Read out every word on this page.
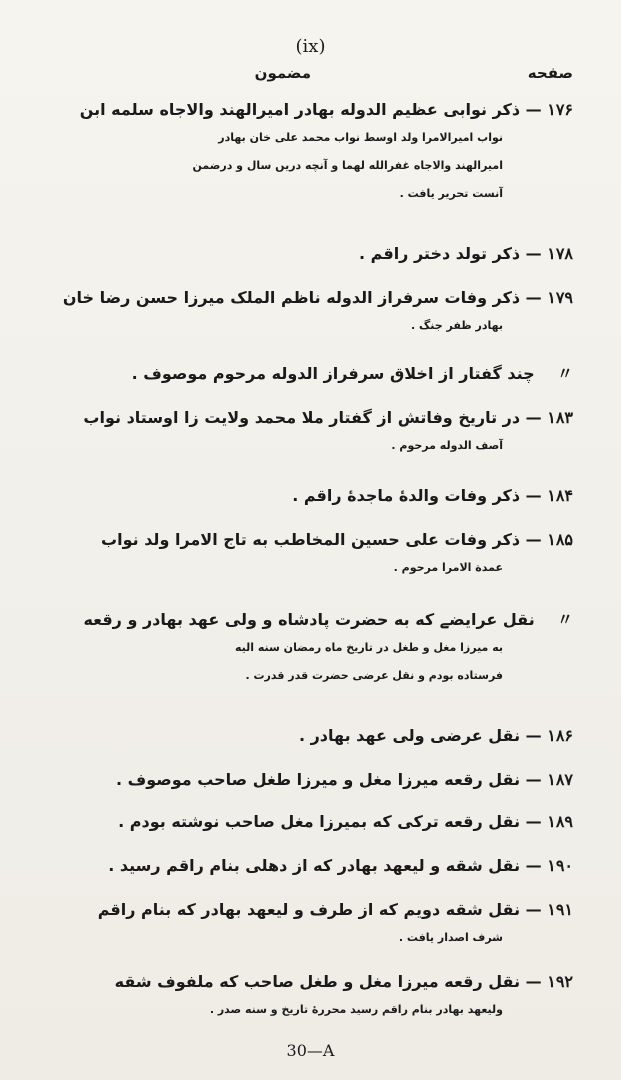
(ix)
صفحه
مضمون
۱۷۶ — ذکر نوابی عظیم الدوله بهادر امیرالهند والاجاه سلمه ابن
نواب امیرالامرا ولد اوسط نواب محمد علی خان بهادر
امیرالهند والاجاه غفرالله لهما و آنچه دریں سال و درضمن
آنست تحریر یافت .
۱۷۸ — ذکر تولد دختر راقم .
۱۷۹ — ذکر وفات سرفراز الدوله ناظم الملک میرزا حسن رضا خان
بهادر ظفر جنگ .
〃    چند گفتار از اخلاق سرفراز الدوله مرحوم موصوف .
۱۸۳ — در تاریخ وفاتش از گفتار ملا محمد ولایت زا اوستاد نواب
آصف الدوله مرحوم .
۱۸۴ — ذکر وفات والدهٔ ماجدهٔ راقم .
۱۸۵ — ذکر وفات علی حسین المخاطب به تاج الامرا ولد نواب
عمدة الامرا مرحوم .
〃    نقل عرایضے که به حضرت پادشاه و ولی عهد بهادر و رقعه
به میرزا مغل و طغل در تاریخ ماه رمضان سنه الیه
فرستاده بودم و نقل عرضی حضرت قدر قدرت .
۱۸۶ — نقل عرضی ولی عهد بهادر .
۱۸۷ — نقل رقعه میرزا مغل و میرزا طغل صاحب موصوف .
۱۸۹ — نقل رقعه ترکی که بمیرزا مغل صاحب نوشته بودم .
۱۹۰ — نقل شقه و لیعهد بهادر که از دهلی بنام راقم رسید .
۱۹۱ — نقل شقه دویم که از طرف و لیعهد بهادر که بنام راقم
شرف اصدار یافت .
۱۹۲ — نقل رقعه میرزا مغل و طغل صاحب که ملفوف شقه
ولیعهد بهادر بنام راقم رسید محررهٔ تاریخ و سنه صدر .
30—A
